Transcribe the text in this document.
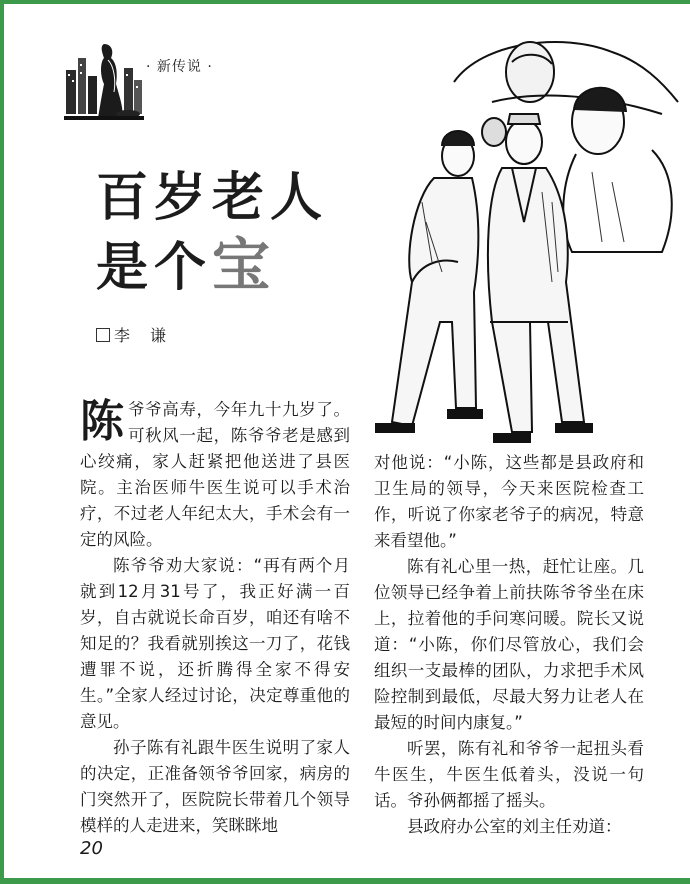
· 新传说 ·
百岁老人
是个宝
李　谦

陈爷爷高寿，今年九十九岁了。可秋风一起，陈爷爷老是感到心绞痛，家人赶紧把他送进了县医院。主治医师牛医生说可以手术治疗，不过老人年纪太大，手术会有一定的风险。

陈爷爷劝大家说：“再有两个月就到12月31号了，我正好满一百岁，自古就说长命百岁，咱还有啥不知足的？我看就别挨这一刀了，花钱遭罪不说，还折腾得全家不得安生。”全家人经过讨论，决定尊重他的意见。

孙子陈有礼跟牛医生说明了家人的决定，正准备领爷爷回家，病房的门突然开了，医院院长带着几个领导模样的人走进来，笑眯眯地

对他说：“小陈，这些都是县政府和卫生局的领导，今天来医院检查工作，听说了你家老爷子的病况，特意来看望他。”

陈有礼心里一热，赶忙让座。几位领导已经争着上前扶陈爷爷坐在床上，拉着他的手问寒问暖。院长又说道：“小陈，你们尽管放心，我们会组织一支最棒的团队，力求把手术风险控制到最低，尽最大努力让老人在最短的时间内康复。”

听罢，陈有礼和爷爷一起扭头看牛医生，牛医生低着头，没说一句话。爷孙俩都摇了摇头。

县政府办公室的刘主任劝道：

20
